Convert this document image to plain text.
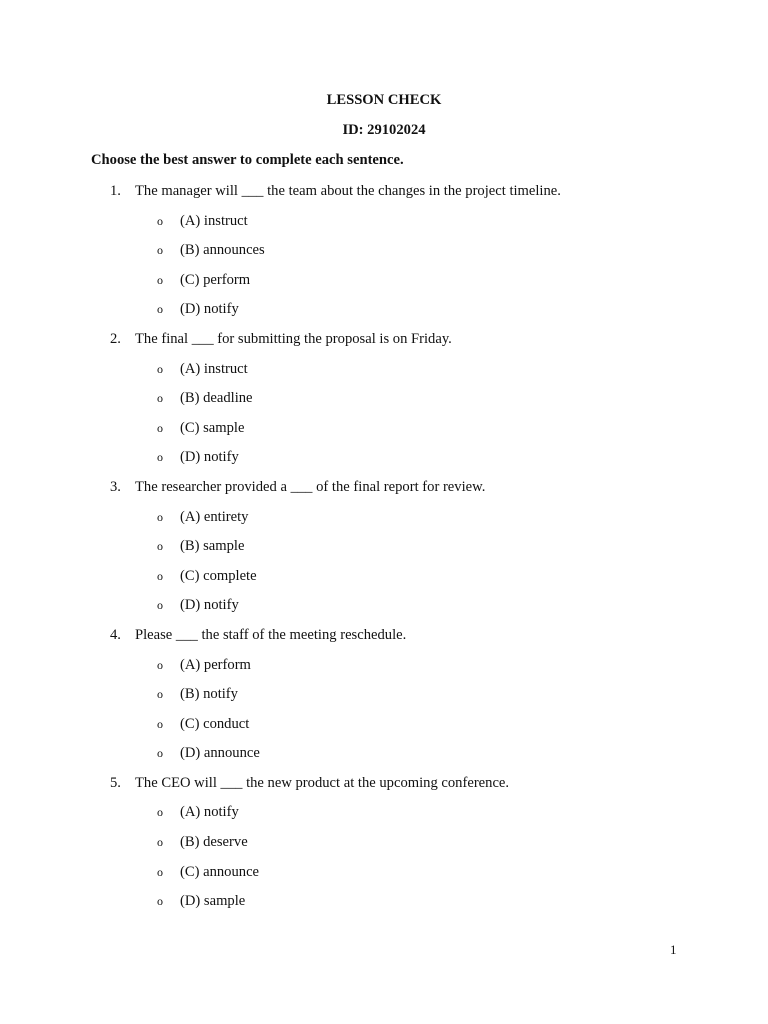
LESSON CHECK
ID: 29102024
Choose the best answer to complete each sentence.
1. The manager will ___ the team about the changes in the project timeline.
o (A) instruct
o (B) announces
o (C) perform
o (D) notify
2. The final ___ for submitting the proposal is on Friday.
o (A) instruct
o (B) deadline
o (C) sample
o (D) notify
3. The researcher provided a ___ of the final report for review.
o (A) entirety
o (B) sample
o (C) complete
o (D) notify
4. Please ___ the staff of the meeting reschedule.
o (A) perform
o (B) notify
o (C) conduct
o (D) announce
5. The CEO will ___ the new product at the upcoming conference.
o (A) notify
o (B) deserve
o (C) announce
o (D) sample
1
